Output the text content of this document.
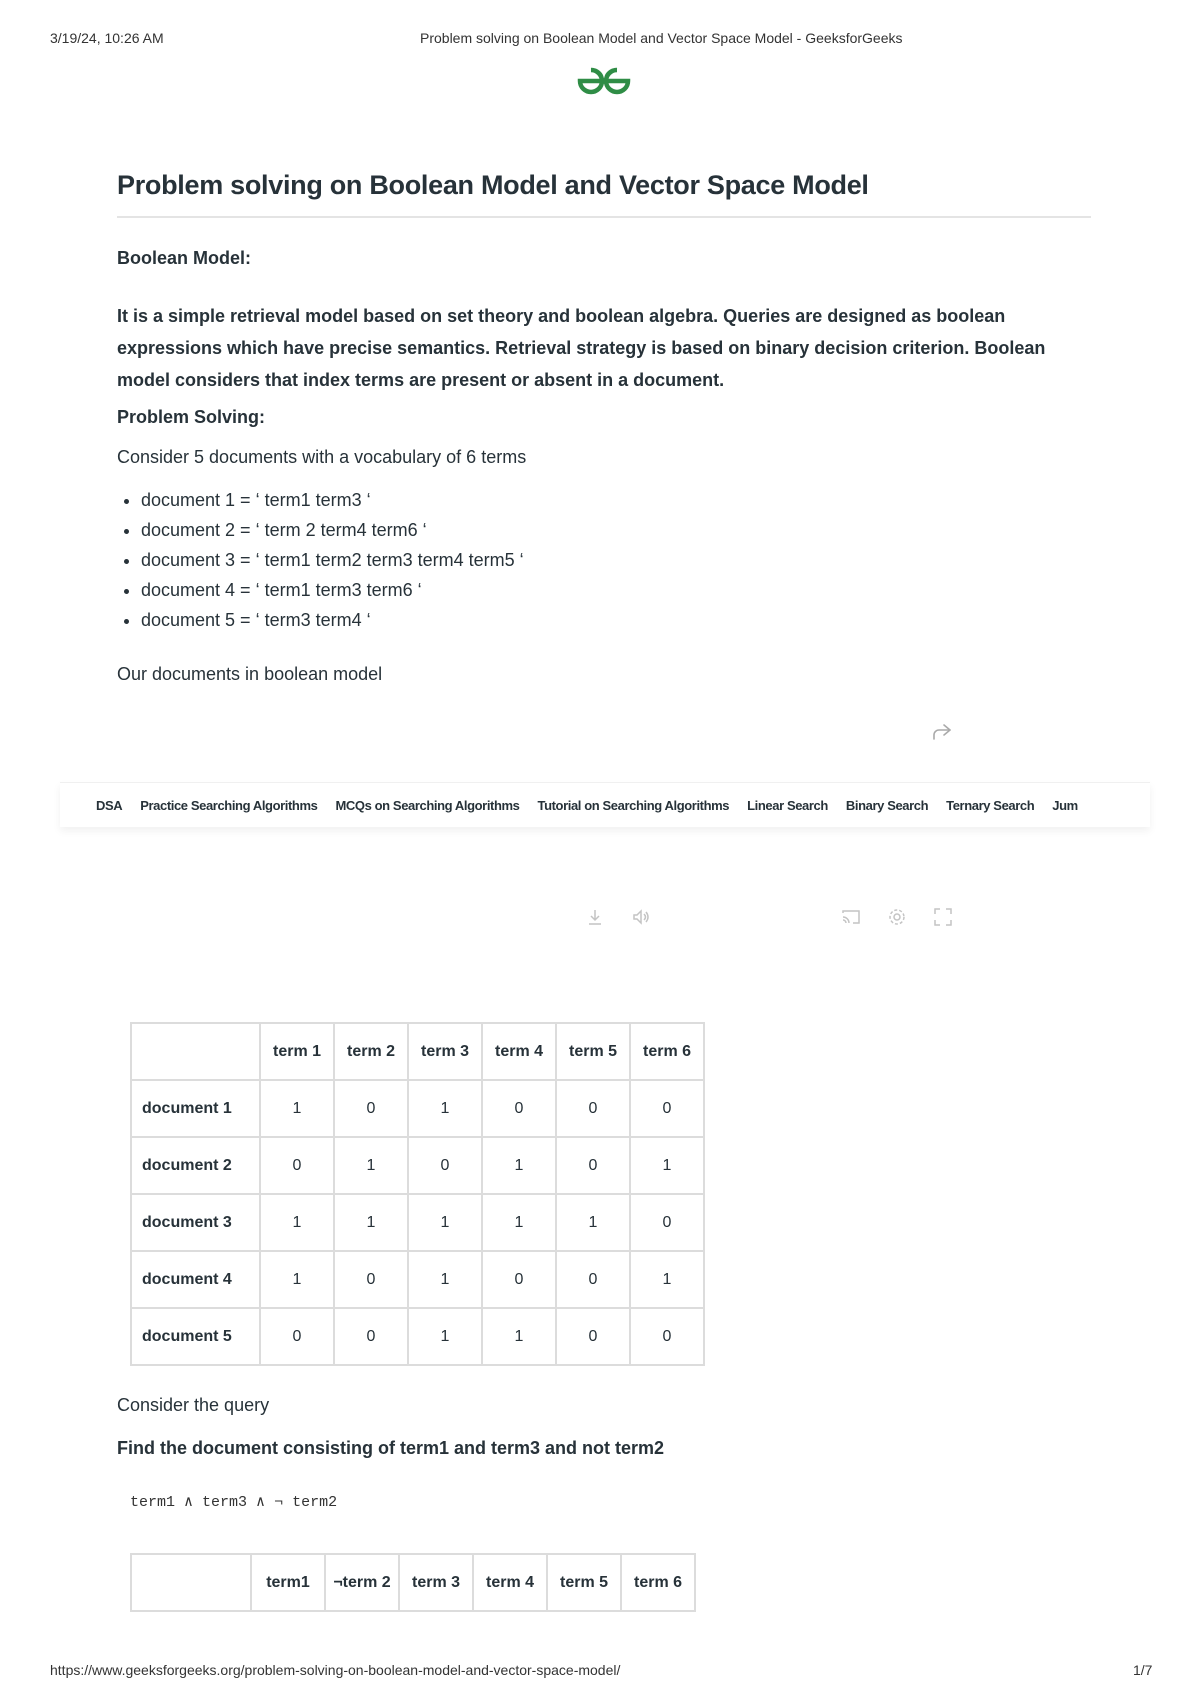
3/19/24, 10:26 AM	Problem solving on Boolean Model and Vector Space Model - GeeksforGeeks
Problem solving on Boolean Model and Vector Space Model
Boolean Model:
It is a simple retrieval model based on set theory and boolean algebra. Queries are designed as boolean expressions which have precise semantics. Retrieval strategy is based on binary decision criterion. Boolean model considers that index terms are present or absent in a document.
Problem Solving:
Consider 5 documents with a vocabulary of 6 terms
• document 1 = ‘ term1 term3 ‘
• document 2 = ‘ term 2 term4 term6 ‘
• document 3 = ‘ term1 term2 term3 term4 term5 ‘
• document 4 = ‘ term1 term3 term6 ‘
• document 5 = ‘ term3 term4 ‘
Our documents in boolean model
DSA	Practice Searching Algorithms	MCQs on Searching Algorithms	Tutorial on Searching Algorithms	Linear Search	Binary Search	Ternary Search	Jum
	term 1	term 2	term 3	term 4	term 5	term 6
document 1	1	0	1	0	0	0
document 2	0	1	0	1	0	1
document 3	1	1	1	1	1	0
document 4	1	0	1	0	0	1
document 5	0	0	1	1	0	0
Consider the query
Find the document consisting of term1 and term3 and not term2
term1 ∧ term3 ∧ ¬ term2
	term1	¬term 2	term 3	term 4	term 5	term 6
https://www.geeksforgeeks.org/problem-solving-on-boolean-model-and-vector-space-model/	1/7
